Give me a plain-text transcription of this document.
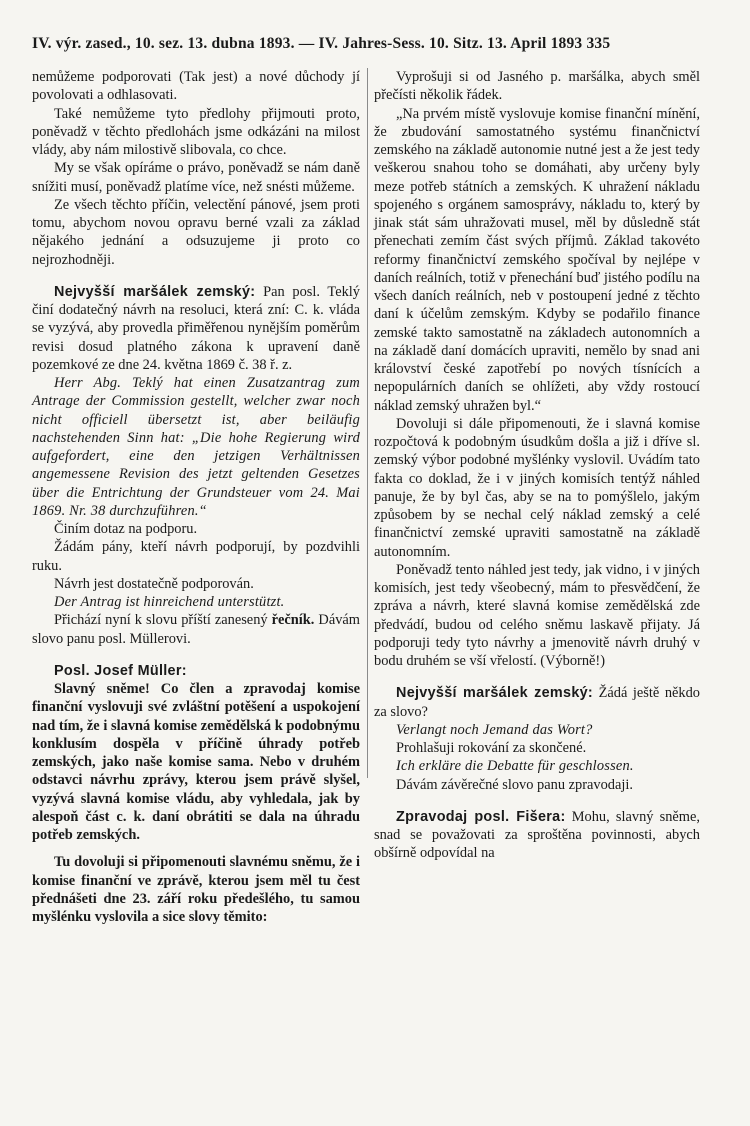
IV. výr. zased., 10. sez. 13. dubna 1893. — IV. Jahres-Sess. 10. Sitz. 13. April 1893 335

nemůžeme podporovati (Tak jest) a nové důchody jí povolovati a odhlasovati.

Také nemůžeme tyto předlohy přijmouti proto, poněvadž v těchto předlohách jsme odkázáni na milost vlády, aby nám milostivě slibovala, co chce.

My se však opíráme o právo, poněvadž se nám daně snížiti musí, poněvadž platíme více, než snésti můžeme.

Ze všech těchto příčin, velectění pánové, jsem proti tomu, abychom novou opravu berné vzali za základ nějakého jednání a odsuzujeme ji proto co nejrozhodněji.

Nejvyšší maršálek zemský: Pan posl. Teklý činí dodatečný návrh na resoluci, která zní: C. k. vláda se vyzývá, aby provedla přiměřenou nynějším poměrům revisi dosud platného zákona k upravení daně pozemkové ze dne 24. května 1869 č. 38 ř. z.

Herr Abg. Teklý hat einen Zusatzantrag zum Antrage der Commission gestellt, welcher zwar noch nicht officiell übersetzt ist, aber beiläufig nachstehenden Sinn hat: „Die hohe Regierung wird aufgefordert, eine den jetzigen Verhältnissen angemessene Revision des jetzt geltenden Gesetzes über die Entrichtung der Grundsteuer vom 24. Mai 1869. Nr. 38 durchzuführen.“

Činím dotaz na podporu.

Žádám pány, kteří návrh podporují, by pozdvihli ruku.

Návrh jest dostatečně podporován.

Der Antrag ist hinreichend unterstützt.

Přichází nyní k slovu příští zanesený řečník. Dávám slovo panu posl. Müllerovi.

Posl. Josef Müller:

Slavný sněme! Co člen a zpravodaj komise finanční vyslovuji své zvláštní potěšení a uspokojení nad tím, že i slavná komise zemědělská k podobnýmu konklusím dospěla v příčině úhrady potřeb zemských, jako naše komise sama. Nebo v druhém odstavci návrhu zprávy, kterou jsem právě slyšel, vyzývá slavná komise vládu, aby vyhledala, jak by alespoň část c. k. daní obrátiti se dala na úhradu potřeb zemských.

Tu dovoluji si připomenouti slavnému sněmu, že i komise finanční ve zprávě, kterou jsem měl tu čest přednášeti dne 23. září roku předešlého, tu samou myšlénku vyslovila a sice slovy těmito:

Vyprošuji si od Jasného p. maršálka, abych směl přečísti několik řádek.

„Na prvém místě vyslovuje komise finanční mínění, že zbudování samostatného systému finančnictví zemského na základě autonomie nutné jest a že jest tedy veškerou snahou toho se domáhati, aby určeny byly meze potřeb státních a zemských. K uhražení nákladu spojeného s orgánem samosprávy, nákladu to, který by jinak stát sám uhražovati musel, měl by důsledně stát přenechati zemím část svých příjmů. Základ takovéto reformy finančnictví zemského spočíval by nejlépe v daních reálních, totiž v přenechání buď jistého podílu na všech daních reálních, neb v postoupení jedné z těchto daní k účelům zemským. Kdyby se podařilo finance zemské takto samostatně na základech autonomních a na základě daní domácích upraviti, nemělo by snad ani království české zapotřebí po nových tísnících a nepopulárních daních se ohlížeti, aby vždy rostoucí náklad zemský uhražen byl.“

Dovoluji si dále připomenouti, že i slavná komise rozpočtová k podobným úsudkům došla a již i dříve sl. zemský výbor podobné myšlénky vyslovil. Uvádím tato fakta co doklad, že i v jiných komisích tentýž náhled panuje, že by byl čas, aby se na to pomýšlelo, jakým způsobem by se nechal celý náklad zemský a celé finančnictví zemské upraviti samostatně na základě autonomním.

Poněvadž tento náhled jest tedy, jak vidno, i v jiných komisích, jest tedy všeobecný, mám to přesvědčení, že zpráva a návrh, které slavná komise zemědělská zde předvádí, budou od celého sněmu laskavě přijaty. Já podporuji tedy tyto návrhy a jmenovitě návrh druhý v bodu druhém se vší vřelostí. (Výborně!)

Nejvyšší maršálek zemský: Žádá ještě někdo za slovo?

Verlangt noch Jemand das Wort?

Prohlašuji rokování za skončené.

Ich erkläre die Debatte für geschlossen.

Dávám závěrečné slovo panu zpravodaji.

Zpravodaj posl. Fišera: Mohu, slavný sněme, snad se považovati za sproštěna povinnosti, abych obšírně odpovídal na
